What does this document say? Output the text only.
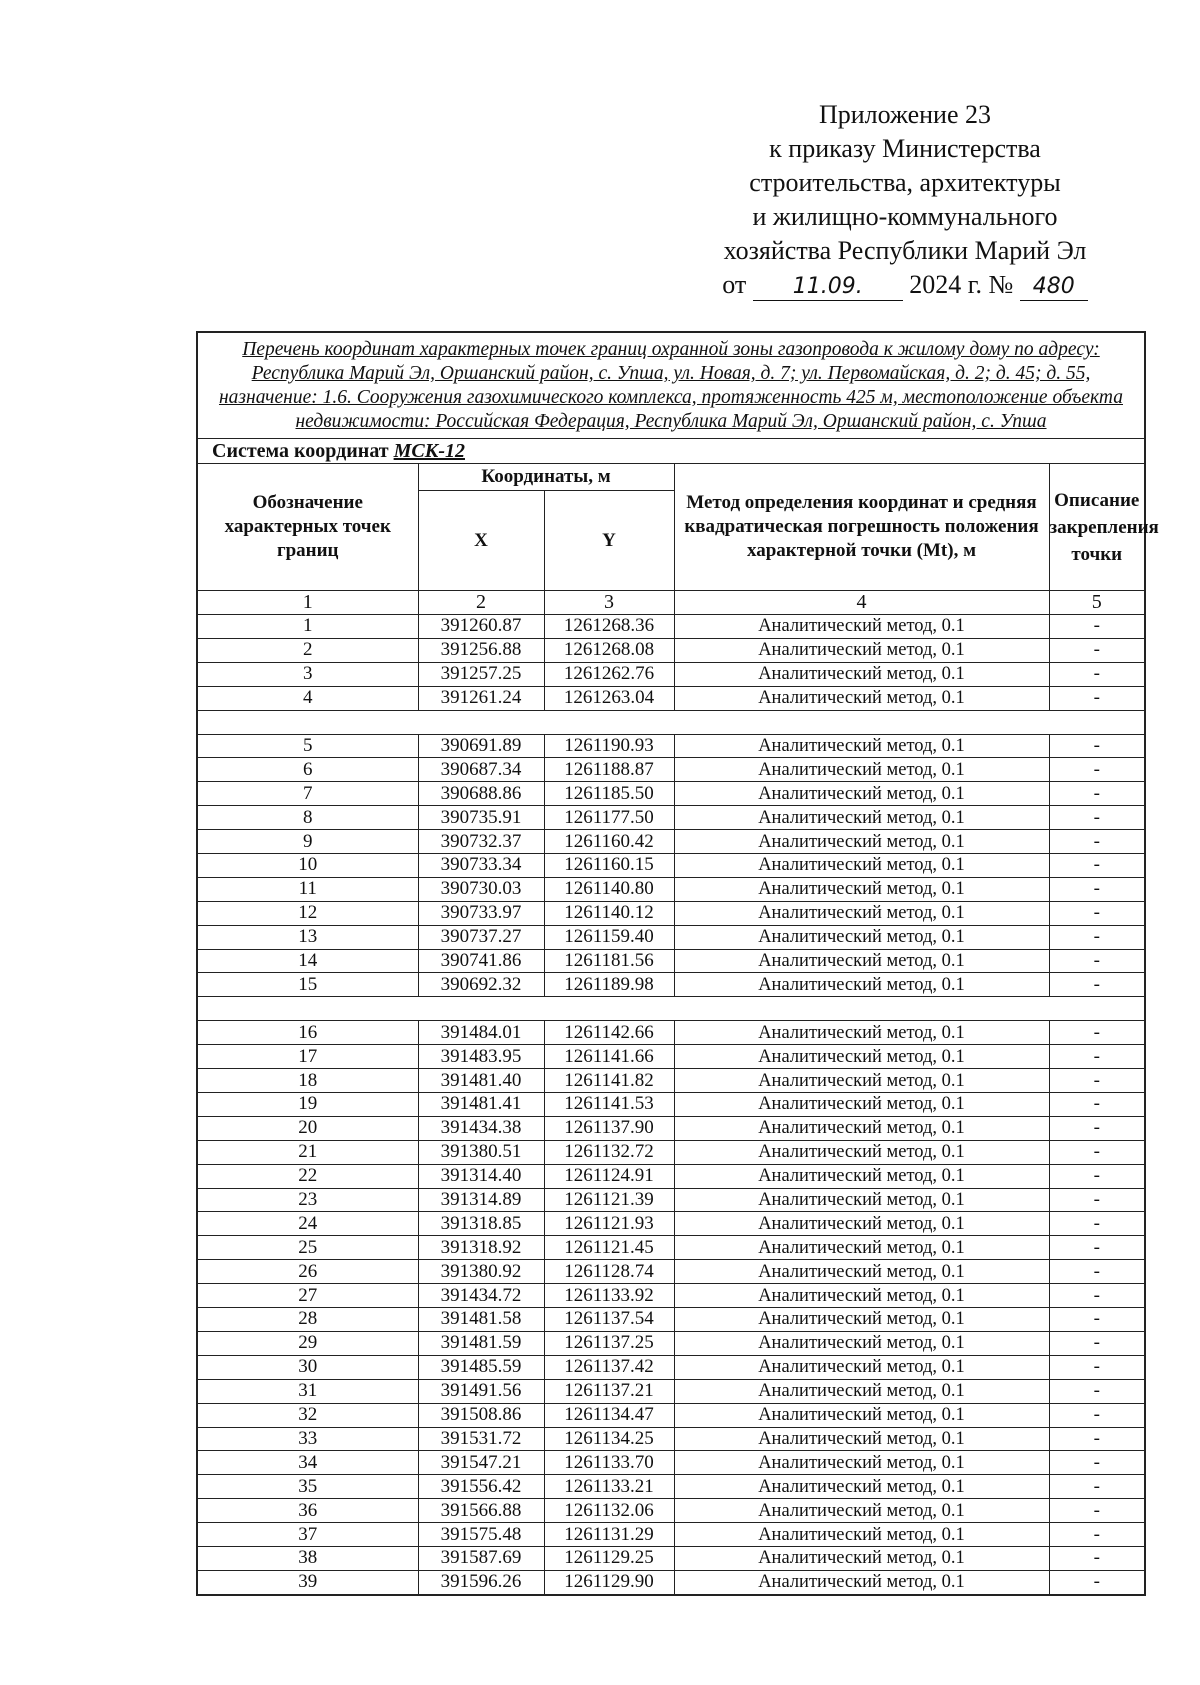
Приложение 23
к приказу Министерства
строительства, архитектуры
и жилищно-коммунального
хозяйства Республики Марий Эл
от 11.09. 2024 г. № 480
Перечень координат характерных точек границ охранной зоны газопровода к жилому дому по адресу: Республика Марий Эл, Оршанский район, с. Упша, ул. Новая, д. 7; ул. Первомайская, д. 2; д. 45; д. 55, назначение: 1.6. Сооружения газохимического комплекса, протяженность 425 м, местоположение объекта недвижимости: Российская Федерация, Республика Марий Эл, Оршанский район, с. Упша				
Система координат МСК-12				
Обозначение характерных точек границ	Координаты, м		Метод определения координат и средняя квадратическая погрешность положения характерной точки (Mt), м	Описание закрепления точки
	X	Y		
1	2	3	4	5
1	391260.87	1261268.36	Аналитический метод, 0.1	-
2	391256.88	1261268.08	Аналитический метод, 0.1	-
3	391257.25	1261262.76	Аналитический метод, 0.1	-
4	391261.24	1261263.04	Аналитический метод, 0.1	-

5	390691.89	1261190.93	Аналитический метод, 0.1	-
6	390687.34	1261188.87	Аналитический метод, 0.1	-
7	390688.86	1261185.50	Аналитический метод, 0.1	-
8	390735.91	1261177.50	Аналитический метод, 0.1	-
9	390732.37	1261160.42	Аналитический метод, 0.1	-
10	390733.34	1261160.15	Аналитический метод, 0.1	-
11	390730.03	1261140.80	Аналитический метод, 0.1	-
12	390733.97	1261140.12	Аналитический метод, 0.1	-
13	390737.27	1261159.40	Аналитический метод, 0.1	-
14	390741.86	1261181.56	Аналитический метод, 0.1	-
15	390692.32	1261189.98	Аналитический метод, 0.1	-

16	391484.01	1261142.66	Аналитический метод, 0.1	-
17	391483.95	1261141.66	Аналитический метод, 0.1	-
18	391481.40	1261141.82	Аналитический метод, 0.1	-
19	391481.41	1261141.53	Аналитический метод, 0.1	-
20	391434.38	1261137.90	Аналитический метод, 0.1	-
21	391380.51	1261132.72	Аналитический метод, 0.1	-
22	391314.40	1261124.91	Аналитический метод, 0.1	-
23	391314.89	1261121.39	Аналитический метод, 0.1	-
24	391318.85	1261121.93	Аналитический метод, 0.1	-
25	391318.92	1261121.45	Аналитический метод, 0.1	-
26	391380.92	1261128.74	Аналитический метод, 0.1	-
27	391434.72	1261133.92	Аналитический метод, 0.1	-
28	391481.58	1261137.54	Аналитический метод, 0.1	-
29	391481.59	1261137.25	Аналитический метод, 0.1	-
30	391485.59	1261137.42	Аналитический метод, 0.1	-
31	391491.56	1261137.21	Аналитический метод, 0.1	-
32	391508.86	1261134.47	Аналитический метод, 0.1	-
33	391531.72	1261134.25	Аналитический метод, 0.1	-
34	391547.21	1261133.70	Аналитический метод, 0.1	-
35	391556.42	1261133.21	Аналитический метод, 0.1	-
36	391566.88	1261132.06	Аналитический метод, 0.1	-
37	391575.48	1261131.29	Аналитический метод, 0.1	-
38	391587.69	1261129.25	Аналитический метод, 0.1	-
39	391596.26	1261129.90	Аналитический метод, 0.1	-
